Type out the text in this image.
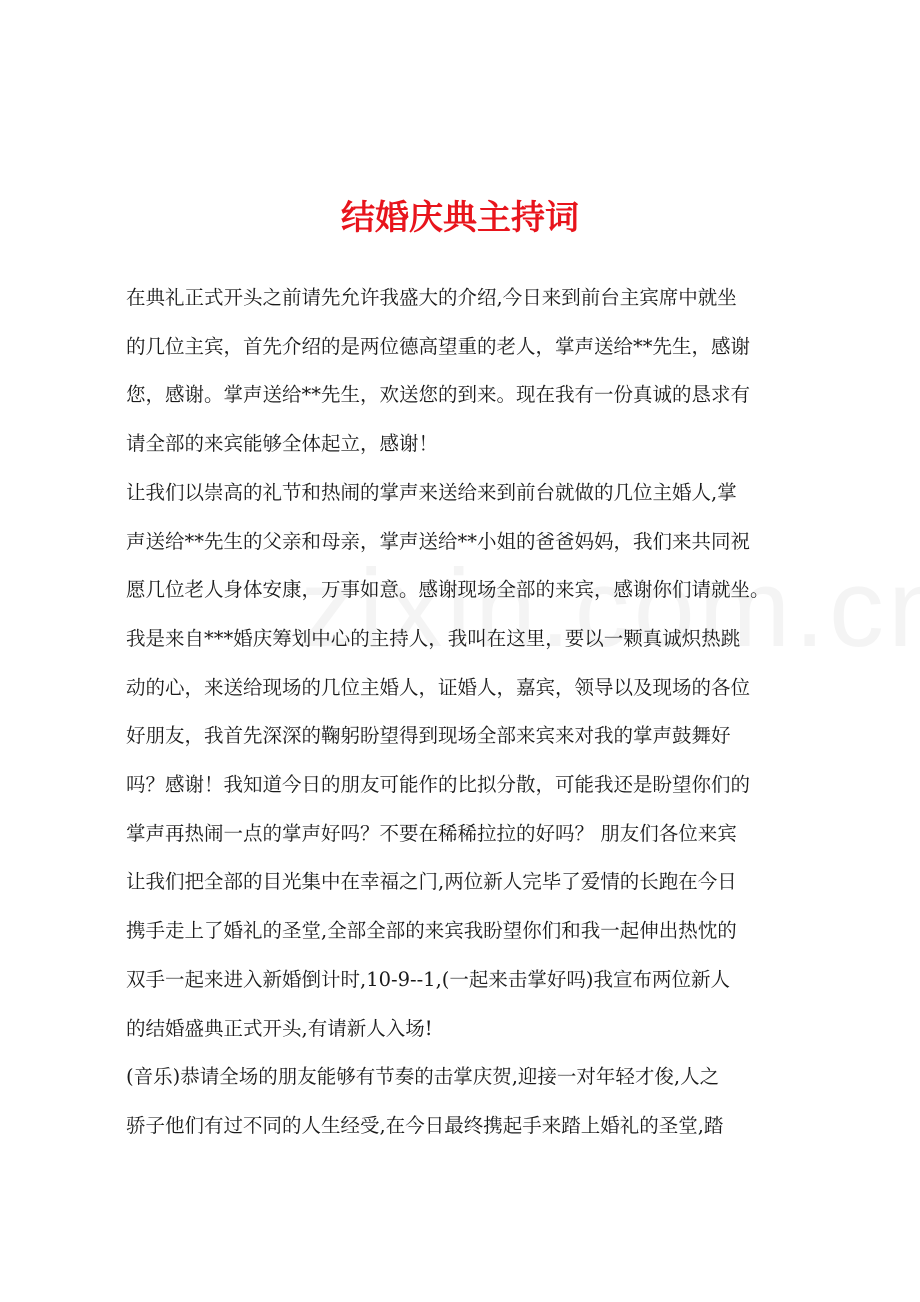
结婚庆典主持词

在典礼正式开头之前请先允许我盛大的介绍,今日来到前台主宾席中就坐
的几位主宾，首先介绍的是两位德高望重的老人，掌声送给**先生，感谢
您，感谢。掌声送给**先生，欢送您的到来。现在我有一份真诚的恳求有
请全部的来宾能够全体起立，感谢！

让我们以崇高的礼节和热闹的掌声来送给来到前台就做的几位主婚人,掌
声送给**先生的父亲和母亲，掌声送给**小姐的爸爸妈妈，我们来共同祝
愿几位老人身体安康，万事如意。感谢现场全部的来宾，感谢你们请就坐。
我是来自***婚庆筹划中心的主持人，我叫在这里，要以一颗真诚炽热跳
动的心，来送给现场的几位主婚人，证婚人，嘉宾，领导以及现场的各位
好朋友，我首先深深的鞠躬盼望得到现场全部来宾来对我的掌声鼓舞好
吗？感谢！我知道今日的朋友可能作的比拟分散，可能我还是盼望你们的
掌声再热闹一点的掌声好吗？不要在稀稀拉拉的好吗？ 朋友们各位来宾
让我们把全部的目光集中在幸福之门,两位新人完毕了爱情的长跑在今日
携手走上了婚礼的圣堂,全部全部的来宾我盼望你们和我一起伸出热忱的
双手一起来进入新婚倒计时,10-9--1,(一起来击掌好吗)我宣布两位新人
的结婚盛典正式开头,有请新人入场!

(音乐)恭请全场的朋友能够有节奏的击掌庆贺,迎接一对年轻才俊,人之
骄子他们有过不同的人生经受,在今日最终携起手来踏上婚礼的圣堂,踏
